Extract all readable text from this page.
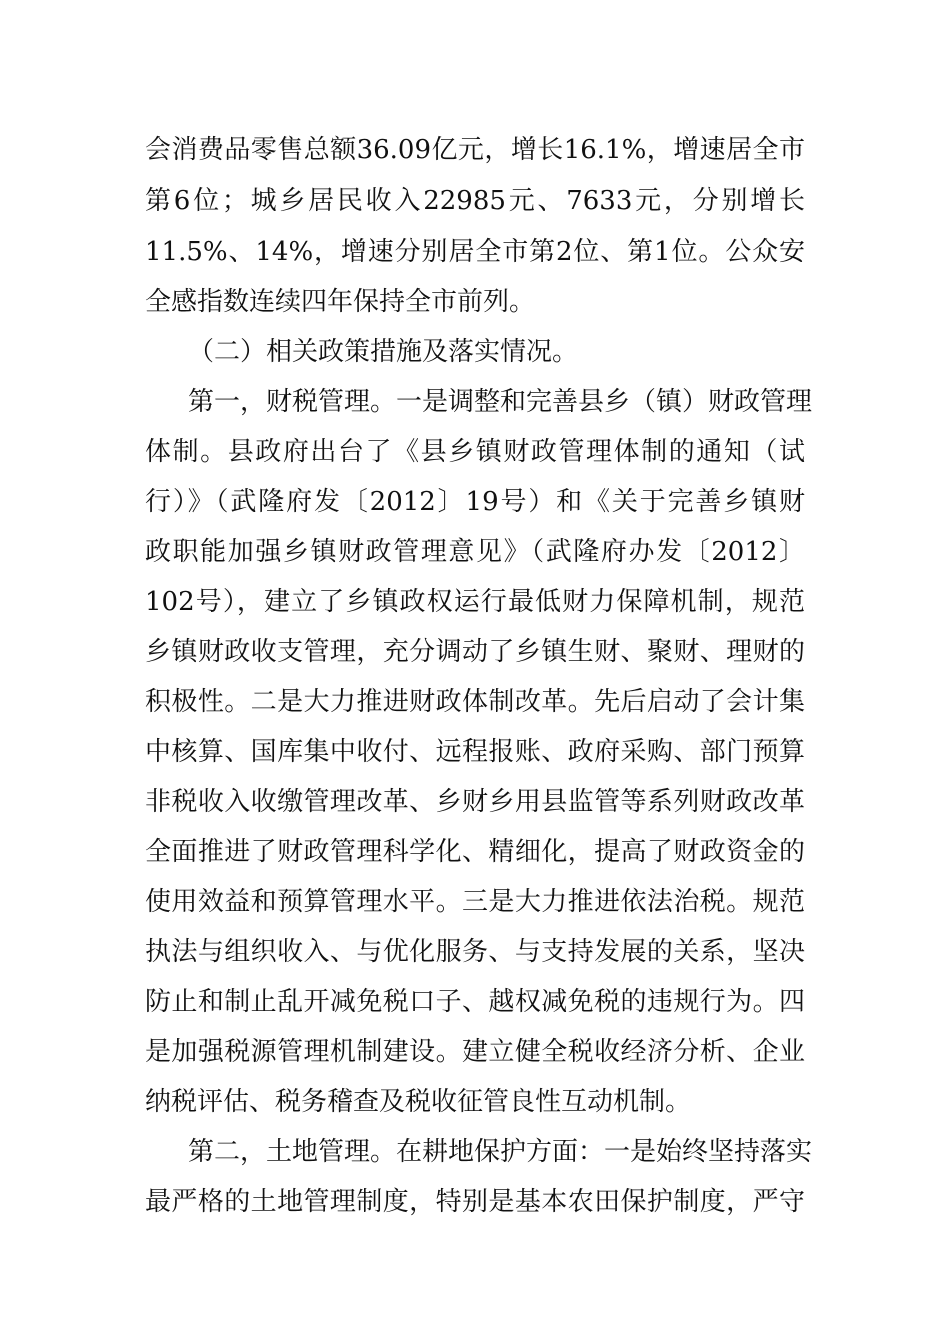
会消费品零售总额36.09亿元，增长16.1%，增速居全市
第6位；城乡居民收入22985元、7633元，分别增长
11.5%、14%，增速分别居全市第2位、第1位。公众安
全感指数连续四年保持全市前列。
（二）相关政策措施及落实情况。
第一，财税管理。一是调整和完善县乡（镇）财政管理
体制。县政府出台了《县乡镇财政管理体制的通知（试
行）》（武隆府发〔2012〕19号）和《关于完善乡镇财
政职能加强乡镇财政管理意见》（武隆府办发〔2012〕
102号），建立了乡镇政权运行最低财力保障机制，规范
乡镇财政收支管理，充分调动了乡镇生财、聚财、理财的
积极性。二是大力推进财政体制改革。先后启动了会计集
中核算、国库集中收付、远程报账、政府采购、部门预算
非税收入收缴管理改革、乡财乡用县监管等系列财政改革
全面推进了财政管理科学化、精细化，提高了财政资金的
使用效益和预算管理水平。三是大力推进依法治税。规范
执法与组织收入、与优化服务、与支持发展的关系，坚决
防止和制止乱开减免税口子、越权减免税的违规行为。四
是加强税源管理机制建设。建立健全税收经济分析、企业
纳税评估、税务稽查及税收征管良性互动机制。
第二，土地管理。在耕地保护方面：一是始终坚持落实
最严格的土地管理制度，特别是基本农田保护制度，严守
